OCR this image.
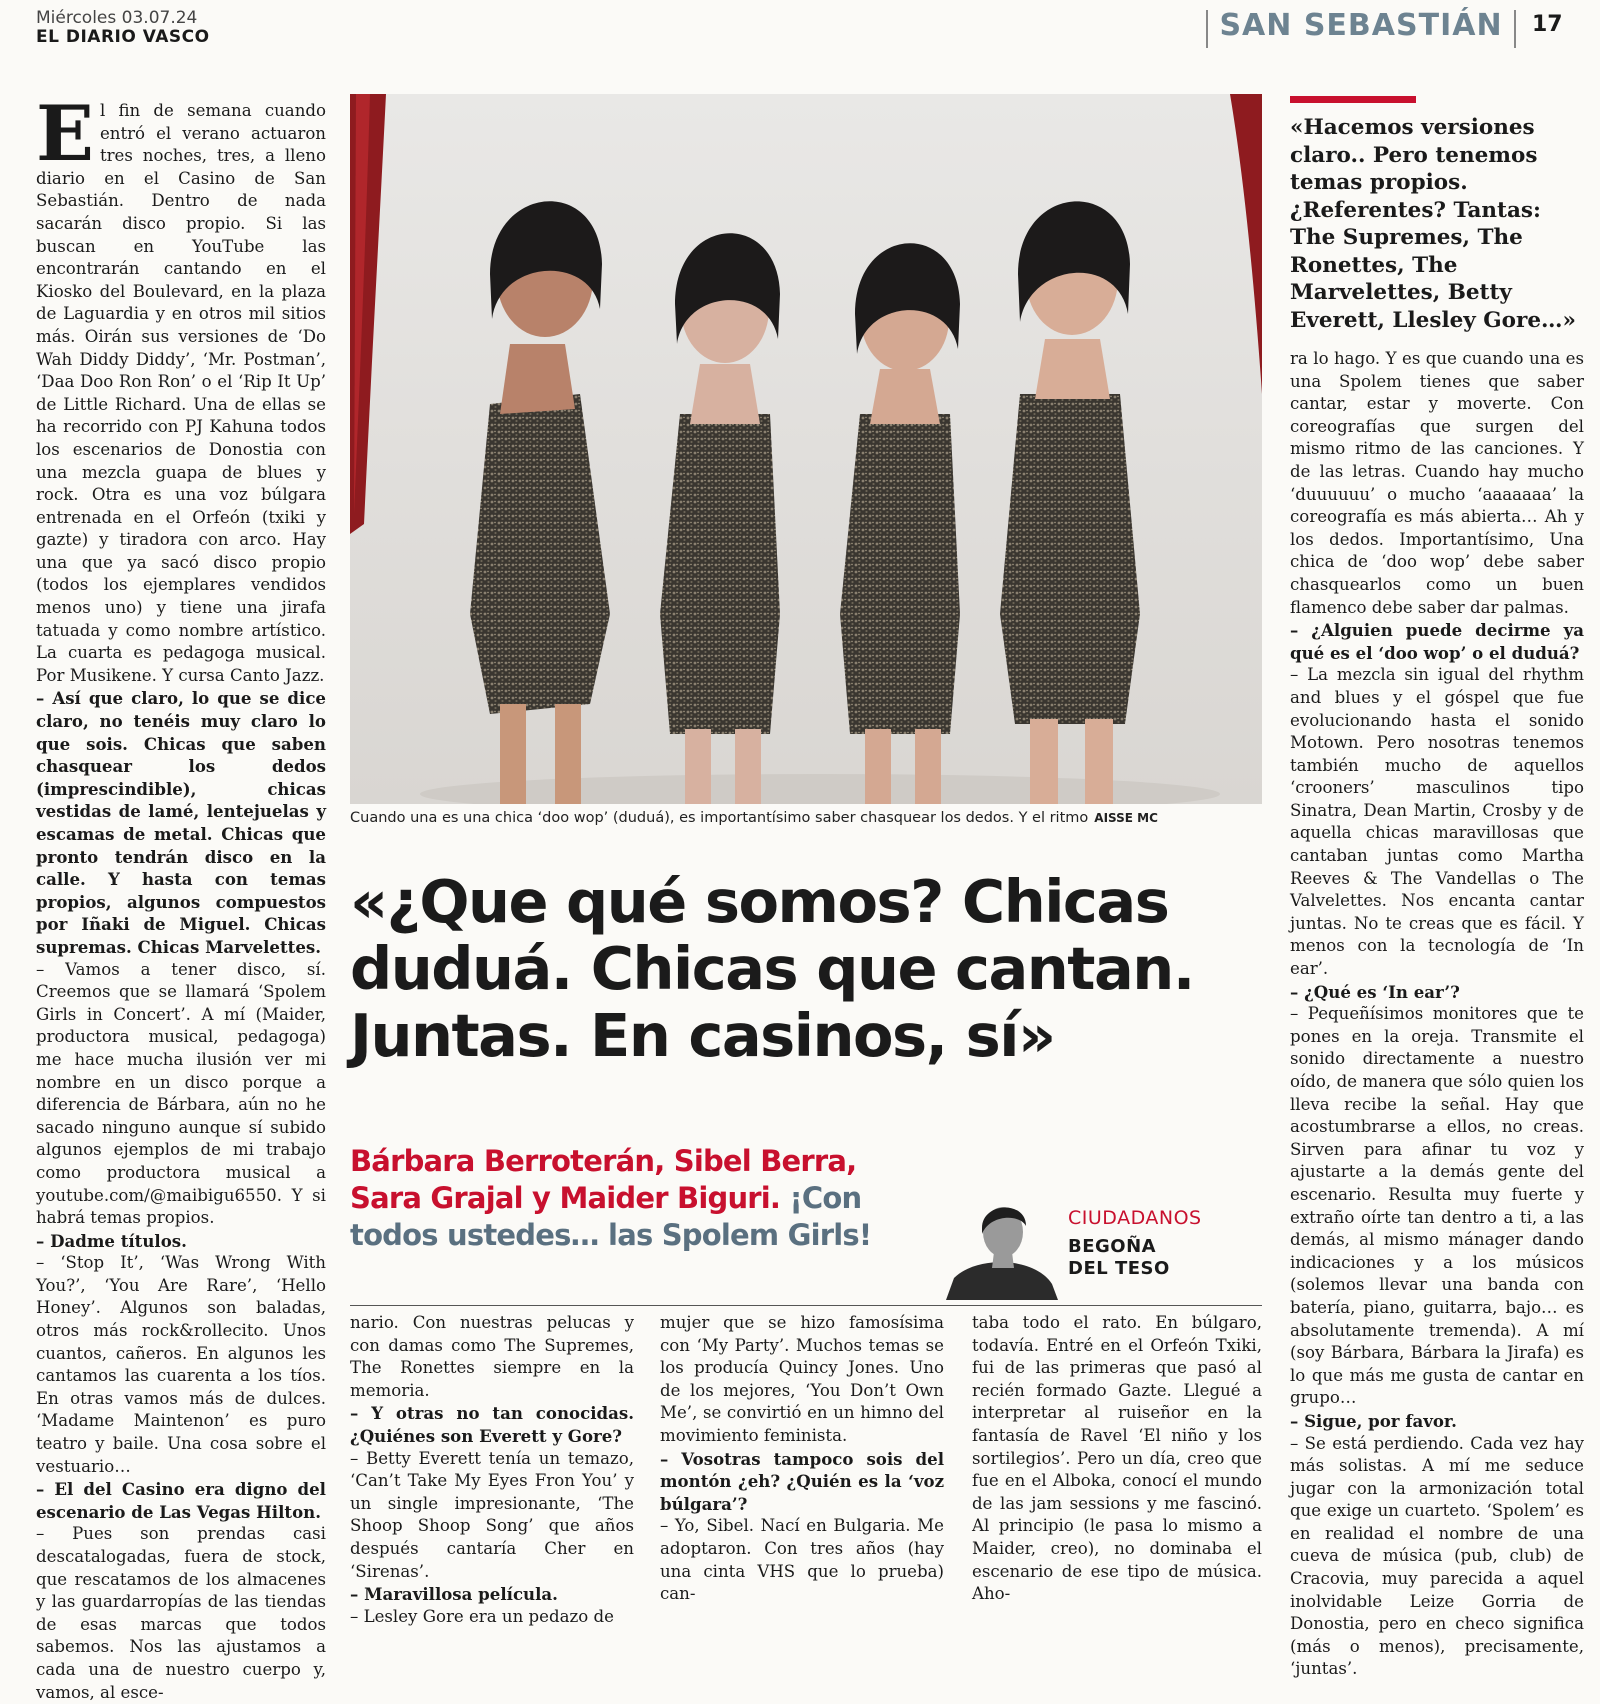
Miércoles 03.07.24
EL DIARIO VASCO	SAN SEBASTIÁN 17

El fin de semana cuando entró el verano actuaron tres noches, tres, a lleno diario en el Casino de San Sebastián. Dentro de nada sacarán disco propio. Si las buscan en YouTube las encontrarán cantando en el Kiosko del Boulevard, en la plaza de Laguardia y en otros mil sitios más. Oirán sus versiones de ‘Do Wah Diddy Diddy’, ‘Mr. Postman’, ‘Daa Doo Ron Ron’ o el ‘Rip It Up’ de Little Richard. Una de ellas se ha recorrido con PJ Kahuna todos los escenarios de Donostia con una mezcla guapa de blues y rock. Otra es una voz búlgara entrenada en el Orfeón (txiki y gazte) y tiradora con arco. Hay una que ya sacó disco propio (todos los ejemplares vendidos menos uno) y tiene una jirafa tatuada y como nombre artístico. La cuarta es pedagoga musical. Por Musikene. Y cursa Canto Jazz.

– Así que claro, lo que se dice claro, no tenéis muy claro lo que sois. Chicas que saben chasquear los dedos (imprescindible), chicas vestidas de lamé, lentejuelas y escamas de metal. Chicas que pronto tendrán disco en la calle. Y hasta con temas propios, algunos compuestos por Iñaki de Miguel. Chicas supremas. Chicas Marvelettes.

– Vamos a tener disco, sí. Creemos que se llamará ‘Spolem Girls in Concert’. A mí (Maider, productora musical, pedagoga) me hace mucha ilusión ver mi nombre en un disco porque a diferencia de Bárbara, aún no he sacado ninguno aunque sí subido algunos ejemplos de mi trabajo como productora musical a youtube.com/@maibigu6550. Y si habrá temas propios.

– Dadme títulos.

– ‘Stop It’, ‘Was Wrong With You?’, ‘You Are Rare’, ‘Hello Honey’. Algunos son baladas, otros más rock&rollecito. Unos cuantos, cañeros. En algunos les cantamos las cuarenta a los tíos. En otras vamos más de dulces. ‘Madame Maintenon’ es puro teatro y baile. Una cosa sobre el vestuario…

– El del Casino era digno del escenario de Las Vegas Hilton.

– Pues son prendas casi descatalogadas, fuera de stock, que rescatamos de los almacenes y las guardarropías de las tiendas de esas marcas que todos sabemos. Nos las ajustamos a cada una de nuestro cuerpo y, vamos, al esce-

Cuando una es una chica ‘doo wop’ (duduá), es importantísimo saber chasquear los dedos. Y el ritmo AISSE MC
«¿Que qué somos? Chicas duduá. Chicas que cantan. Juntas. En casinos, sí»
Bárbara Berroterán, Sibel Berra, Sara Grajal y Maider Biguri. ¡Con todos ustedes… las Spolem Girls!	CIUDADANOS
BEGOÑA
DEL TESO

nario. Con nuestras pelucas y con damas como The Supremes, The Ronettes siempre en la memoria.

– Y otras no tan conocidas. ¿Quiénes son Everett y Gore?

– Betty Everett tenía un temazo, ‘Can’t Take My Eyes Fron You’ y un single impresionante, ‘The Shoop Shoop Song’ que años después cantaría Cher en ‘Sirenas’.

– Maravillosa película.

– Lesley Gore era un pedazo de

mujer que se hizo famosísima con ‘My Party’. Muchos temas se los producía Quincy Jones. Uno de los mejores, ‘You Don’t Own Me’, se convirtió en un himno del movimiento feminista.

– Vosotras tampoco sois del montón ¿eh? ¿Quién es la ‘voz búlgara’?

– Yo, Sibel. Nací en Bulgaria. Me adoptaron. Con tres años (hay una cinta VHS que lo prueba) can-

taba todo el rato. En búlgaro, todavía. Entré en el Orfeón Txiki, fui de las primeras que pasó al recién formado Gazte. Llegué a interpretar al ruiseñor en la fantasía de Ravel ‘El niño y los sortilegios’. Pero un día, creo que fue en el Alboka, conocí el mundo de las jam sessions y me fascinó. Al principio (le pasa lo mismo a Maider, creo), no dominaba el escenario de ese tipo de música. Aho-

«Hacemos versiones claro.. Pero tenemos temas propios. ¿Referentes? Tantas: The Supremes, The Ronettes, The Marvelettes, Betty Everett, Llesley Gore…»

ra lo hago. Y es que cuando una es una Spolem tienes que saber cantar, estar y moverte. Con coreografías que surgen del mismo ritmo de las canciones. Y de las letras. Cuando hay mucho ‘duuuuuu’ o mucho ‘aaaaaaa’ la coreografía es más abierta… Ah y los dedos. Importantísimo, Una chica de ‘doo wop’ debe saber chasquearlos como un buen flamenco debe saber dar palmas.

– ¿Alguien puede decirme ya qué es el ‘doo wop’ o el duduá?

– La mezcla sin igual del rhythm and blues y el góspel que fue evolucionando hasta el sonido Motown. Pero nosotras tenemos también mucho de aquellos ‘crooners’ masculinos tipo Sinatra, Dean Martin, Crosby y de aquella chicas maravillosas que cantaban juntas como Martha Reeves & The Vandellas o The Valvelettes. Nos encanta cantar juntas. No te creas que es fácil. Y menos con la tecnología de ‘In ear’.

– ¿Qué es ‘In ear’?

– Pequeñísimos monitores que te pones en la oreja. Transmite el sonido directamente a nuestro oído, de manera que sólo quien los lleva recibe la señal. Hay que acostumbrarse a ellos, no creas. Sirven para afinar tu voz y ajustarte a la demás gente del escenario. Resulta muy fuerte y extraño oírte tan dentro a ti, a las demás, al mismo mánager dando indicaciones y a los músicos (solemos llevar una banda con batería, piano, guitarra, bajo… es absolutamente tremenda). A mí (soy Bárbara, Bárbara la Jirafa) es lo que más me gusta de cantar en grupo…

– Sigue, por favor.

– Se está perdiendo. Cada vez hay más solistas. A mí me seduce jugar con la armonización total que exige un cuarteto. ‘Spolem’ es en realidad el nombre de una cueva de música (pub, club) de Cracovia, muy parecida a aquel inolvidable Leize Gorria de Donostia, pero en checo significa (más o menos), precisamente, ‘juntas’.
